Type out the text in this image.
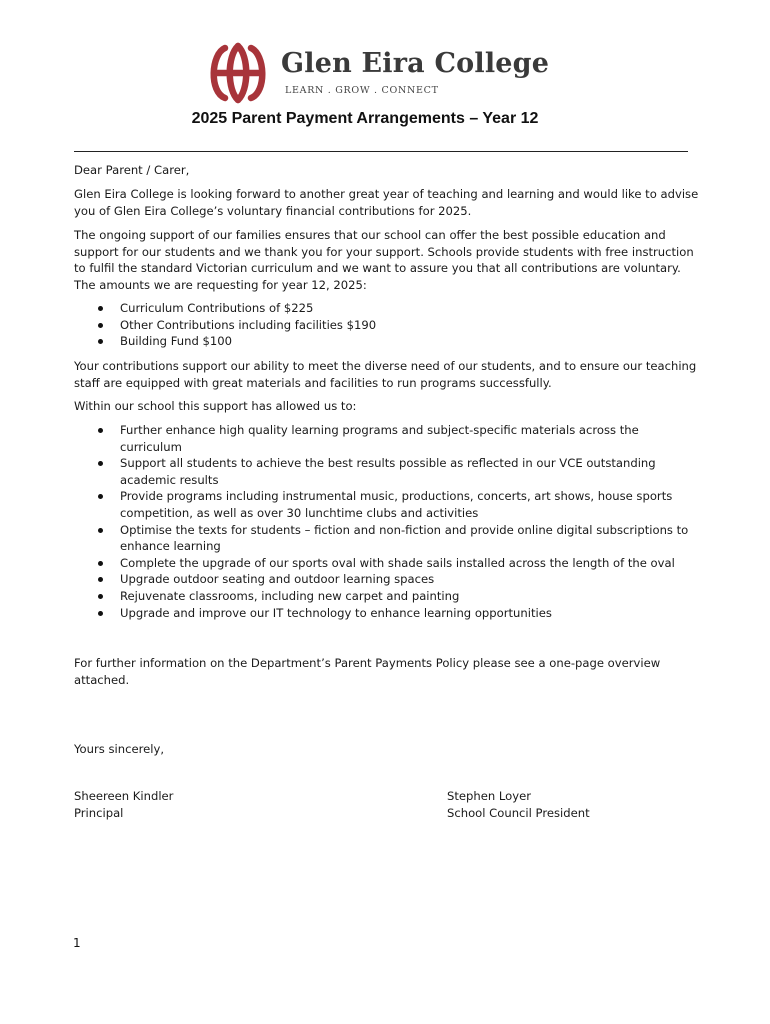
Glen Eira College
LEARN . GROW . CONNECT
2025 Parent Payment Arrangements – Year 12
Dear Parent / Carer,
Glen Eira College is looking forward to another great year of teaching and learning and would like to advise you of Glen Eira College’s voluntary financial contributions for 2025.
The ongoing support of our families ensures that our school can offer the best possible education and support for our students and we thank you for your support. Schools provide students with free instruction to fulfil the standard Victorian curriculum and we want to assure you that all contributions are voluntary. The amounts we are requesting for year 12, 2025:
Curriculum Contributions of $225
Other Contributions including facilities $190
Building Fund $100
Your contributions support our ability to meet the diverse need of our students, and to ensure our teaching staff are equipped with great materials and facilities to run programs successfully.
Within our school this support has allowed us to:
Further enhance high quality learning programs and subject-specific materials across the curriculum
Support all students to achieve the best results possible as reflected in our VCE outstanding academic results
Provide programs including instrumental music, productions, concerts, art shows, house sports competition, as well as over 30 lunchtime clubs and activities
Optimise the texts for students – fiction and non-fiction and provide online digital subscriptions to enhance learning
Complete the upgrade of our sports oval with shade sails installed across the length of the oval
Upgrade outdoor seating and outdoor learning spaces
Rejuvenate classrooms, including new carpet and painting
Upgrade and improve our IT technology to enhance learning opportunities
For further information on the Department’s Parent Payments Policy please see a one-page overview attached.
Yours sincerely,
Sheereen Kindler
Principal
Stephen Loyer
School Council President
1
